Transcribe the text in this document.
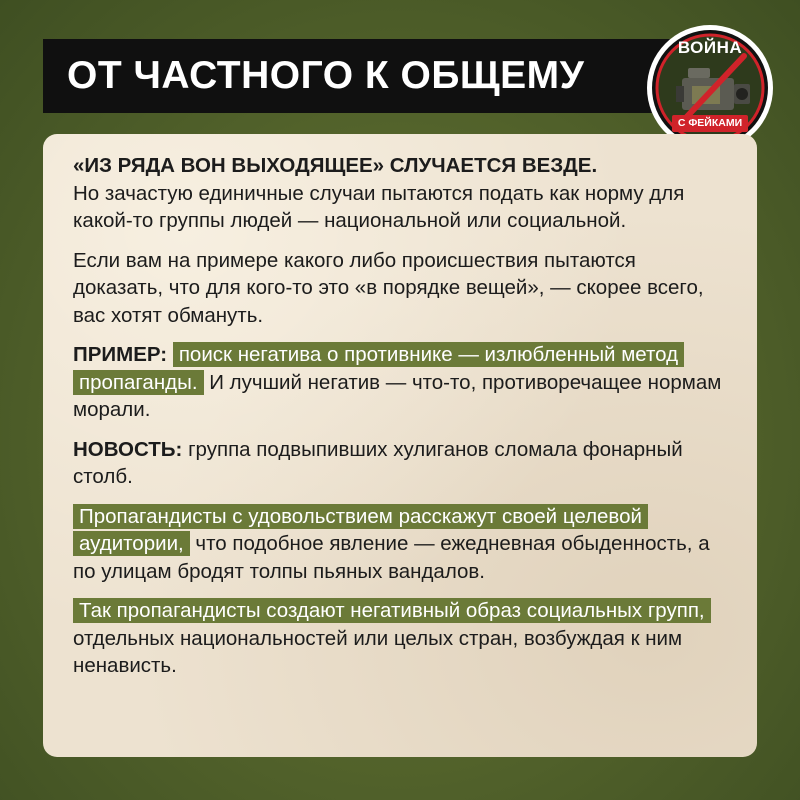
ОТ ЧАСТНОГО К ОБЩЕМУ
ВОЙНА
С ФЕЙКАМИ

«ИЗ РЯДА ВОН ВЫХОДЯЩЕЕ» СЛУЧАЕТСЯ ВЕЗДЕ.
Но зачастую единичные случаи пытаются подать как норму для какой-то группы людей — национальной или социальной.

Если вам на примере какого либо происшествия пытаются доказать, что для кого-то это «в порядке вещей», — скорее всего, вас хотят обмануть.

ПРИМЕР: поиск негатива о противнике — излюбленный метод пропаганды. И лучший негатив — что-то, противоречащее нормам морали.

НОВОСТЬ: группа подвыпивших хулиганов сломала фонарный столб.

Пропагандисты с удовольствием расскажут своей целевой аудитории, что подобное явление — ежедневная обыденность, а по улицам бродят толпы пьяных вандалов.

Так пропагандисты создают негативный образ социальных групп, отдельных национальностей или целых стран, возбуждая к ним ненависть.
